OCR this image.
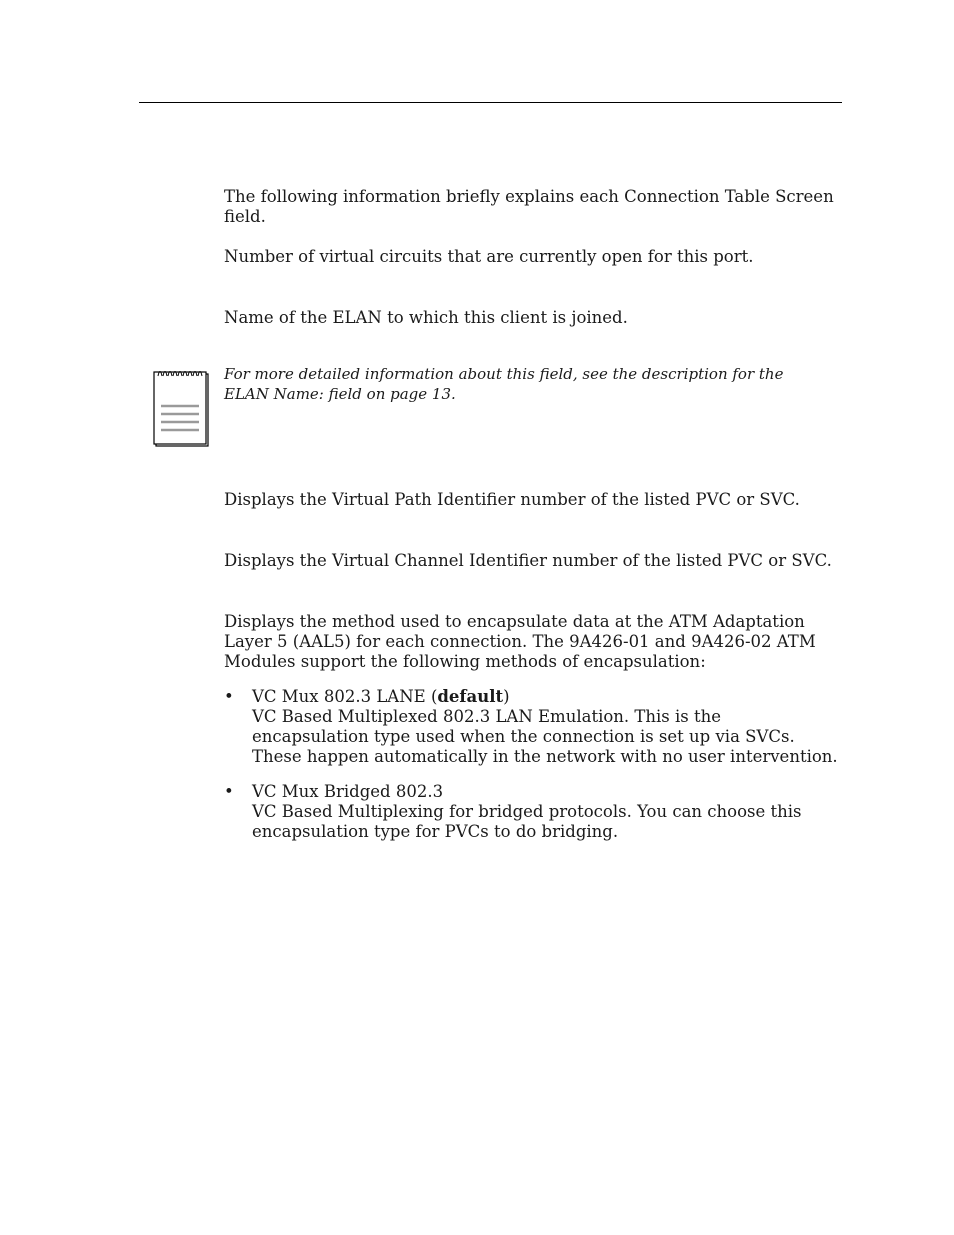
The following information briefly explains each Connection Table Screen field.

Number of virtual circuits that are currently open for this port.

Name of the ELAN to which this client is joined.

For more detailed information about this field, see the description for the ELAN Name: field on page 13.

Displays the Virtual Path Identifier number of the listed PVC or SVC.

Displays the Virtual Channel Identifier number of the listed PVC or SVC.

Displays the method used to encapsulate data at the ATM Adaptation Layer 5 (AAL5) for each connection. The 9A426-01 and 9A426-02 ATM Modules support the following methods of encapsulation:

• VC Mux 802.3 LANE (default)
VC Based Multiplexed 802.3 LAN Emulation. This is the encapsulation type used when the connection is set up via SVCs. These happen automatically in the network with no user intervention.
• VC Mux Bridged 802.3
VC Based Multiplexing for bridged protocols. You can choose this encapsulation type for PVCs to do bridging.
